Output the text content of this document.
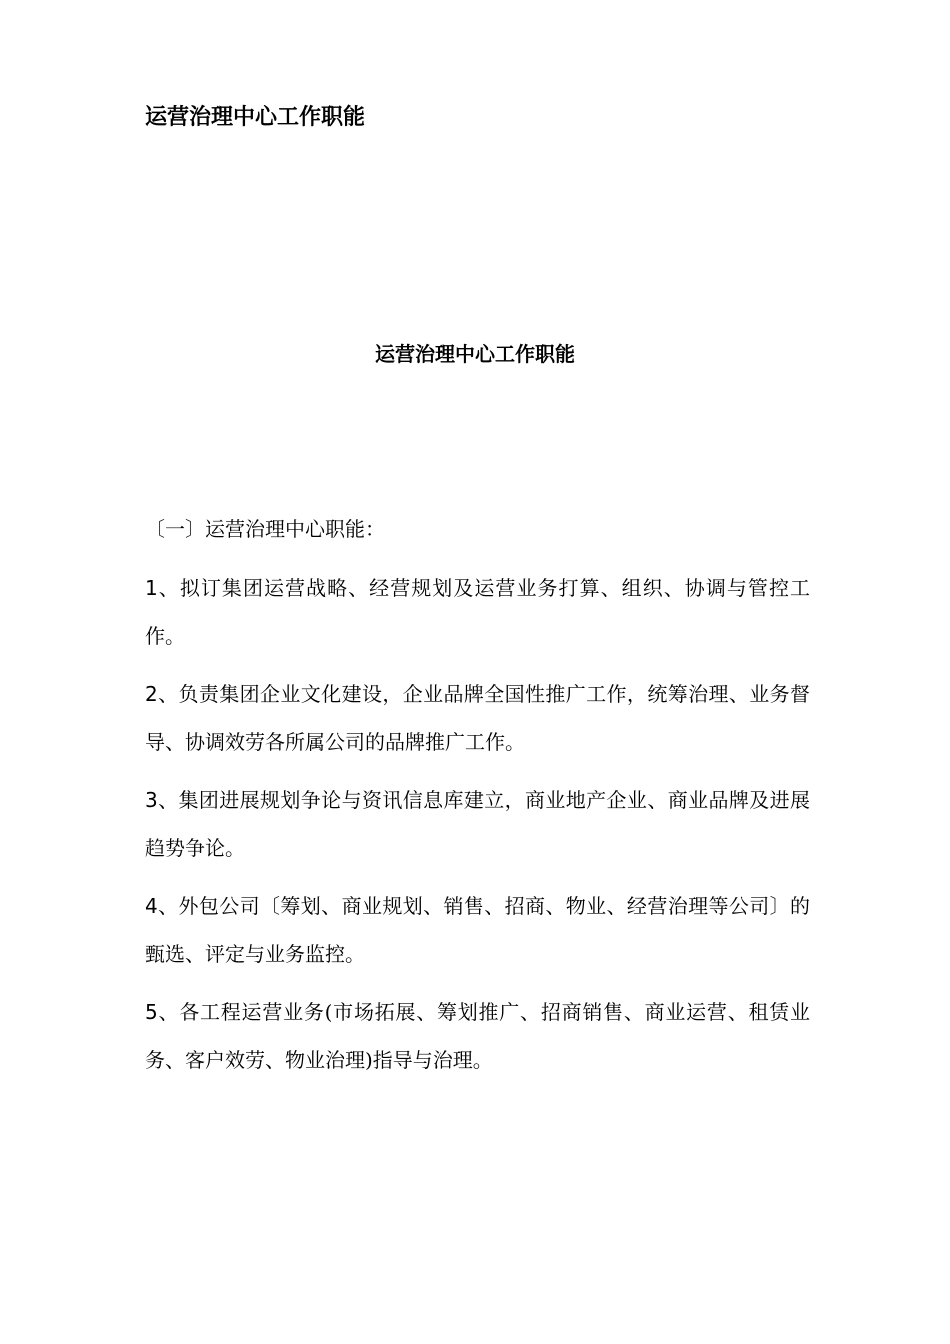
运营治理中心工作职能
运营治理中心工作职能

〔一〕运营治理中心职能：

1、拟订集团运营战略、经营规划及运营业务打算、组织、协调与管控工作。

2、负责集团企业文化建设，企业品牌全国性推广工作，统筹治理、业务督导、协调效劳各所属公司的品牌推广工作。

3、集团进展规划争论与资讯信息库建立，商业地产企业、商业品牌及进展趋势争论。

4、外包公司〔筹划、商业规划、销售、招商、物业、经营治理等公司〕的甄选、评定与业务监控。

5、各工程运营业务(市场拓展、筹划推广、招商销售、商业运营、租赁业务、客户效劳、物业治理)指导与治理。
